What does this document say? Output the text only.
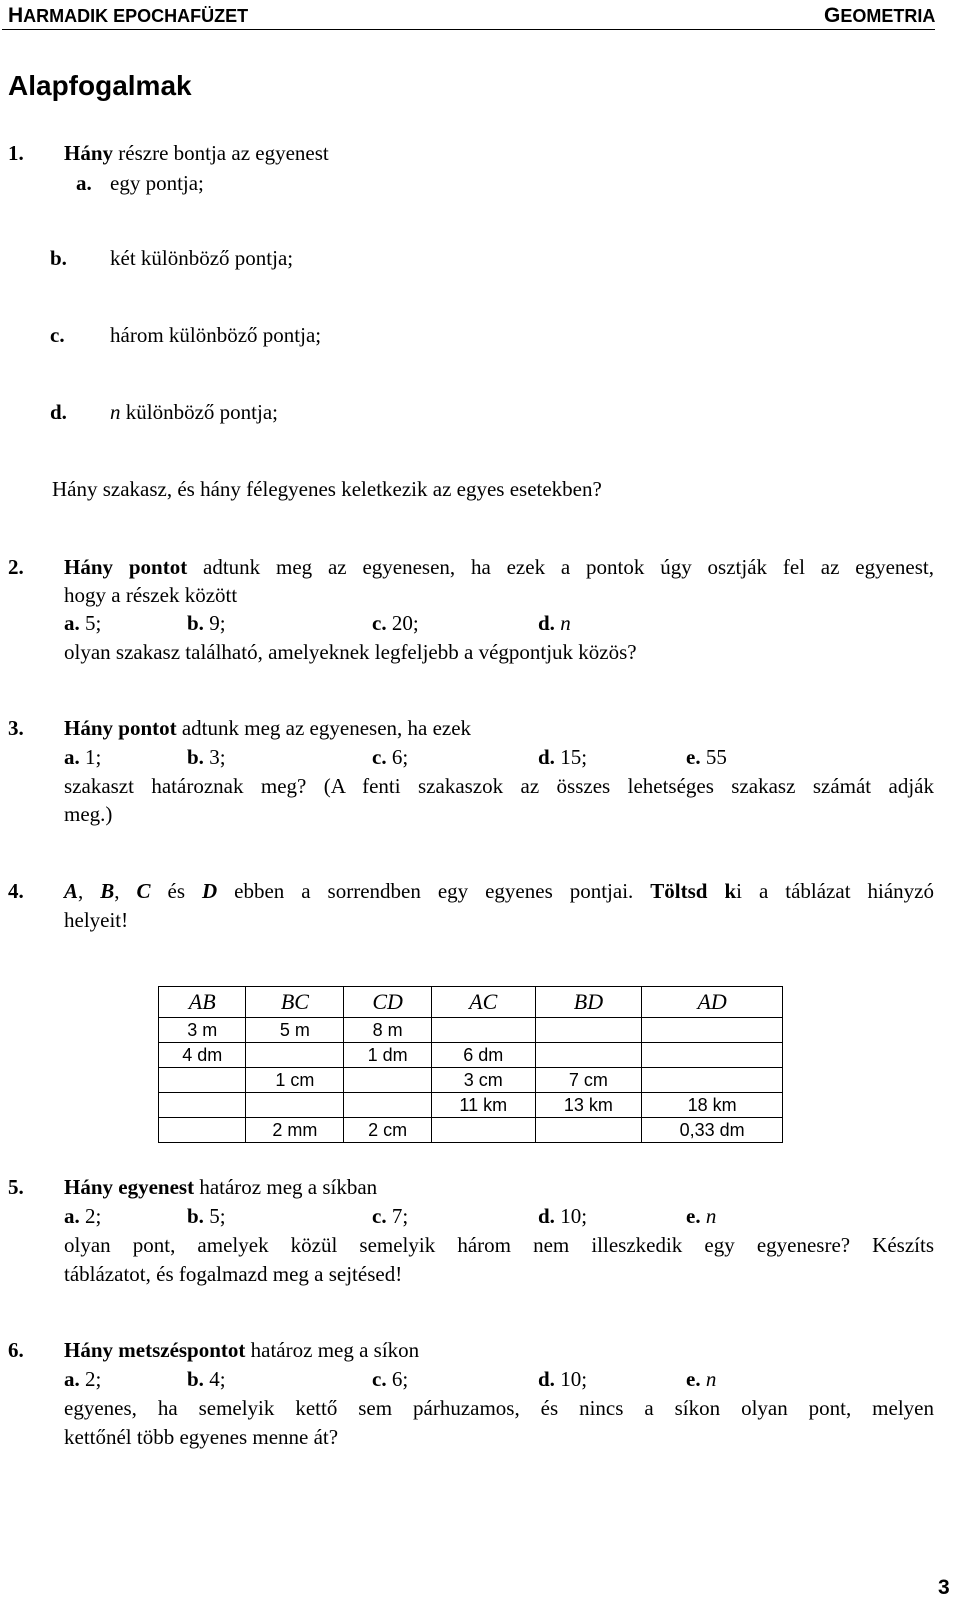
HARMADIK EPOCHAFÜZET	GEOMETRIA
Alapfogalmak
1. Hány részre bontja az egyenest
a. egy pontja;
b. két különböző pontja;
c. három különböző pontja;
d. n különböző pontja;
Hány szakasz, és hány félegyenes keletkezik az egyes esetekben?
2. Hány pontot adtunk meg az egyenesen, ha ezek a pontok úgy osztják fel az egyenest,
hogy a részek között
a. 5;	b. 9;	c. 20;	d. n
olyan szakasz található, amelyeknek legfeljebb a végpontjuk közös?
3. Hány pontot adtunk meg az egyenesen, ha ezek
a. 1;	b. 3;	c. 6;	d. 15;	e. 55
szakaszt határoznak meg? (A fenti szakaszok az összes lehetséges szakasz számát adják
meg.)
4. A, B, C és D ebben a sorrendben egy egyenes pontjai. Töltsd ki a táblázat hiányzó
helyeit!
AB	BC	CD	AC	BD	AD
3 m	5 m	8 m			
4 dm		1 dm	6 dm		
	1 cm		3 cm	7 cm	
			11 km	13 km	18 km
	2 mm	2 cm			0,33 dm
5. Hány egyenest határoz meg a síkban
a. 2;	b. 5;	c. 7;	d. 10;	e. n
olyan pont, amelyek közül semelyik három nem illeszkedik egy egyenesre? Készíts
táblázatot, és fogalmazd meg a sejtésed!
6. Hány metszéspontot határoz meg a síkon
a. 2;	b. 4;	c. 6;	d. 10;	e. n
egyenes, ha semelyik kettő sem párhuzamos, és nincs a síkon olyan pont, melyen
kettőnél több egyenes menne át?
3
